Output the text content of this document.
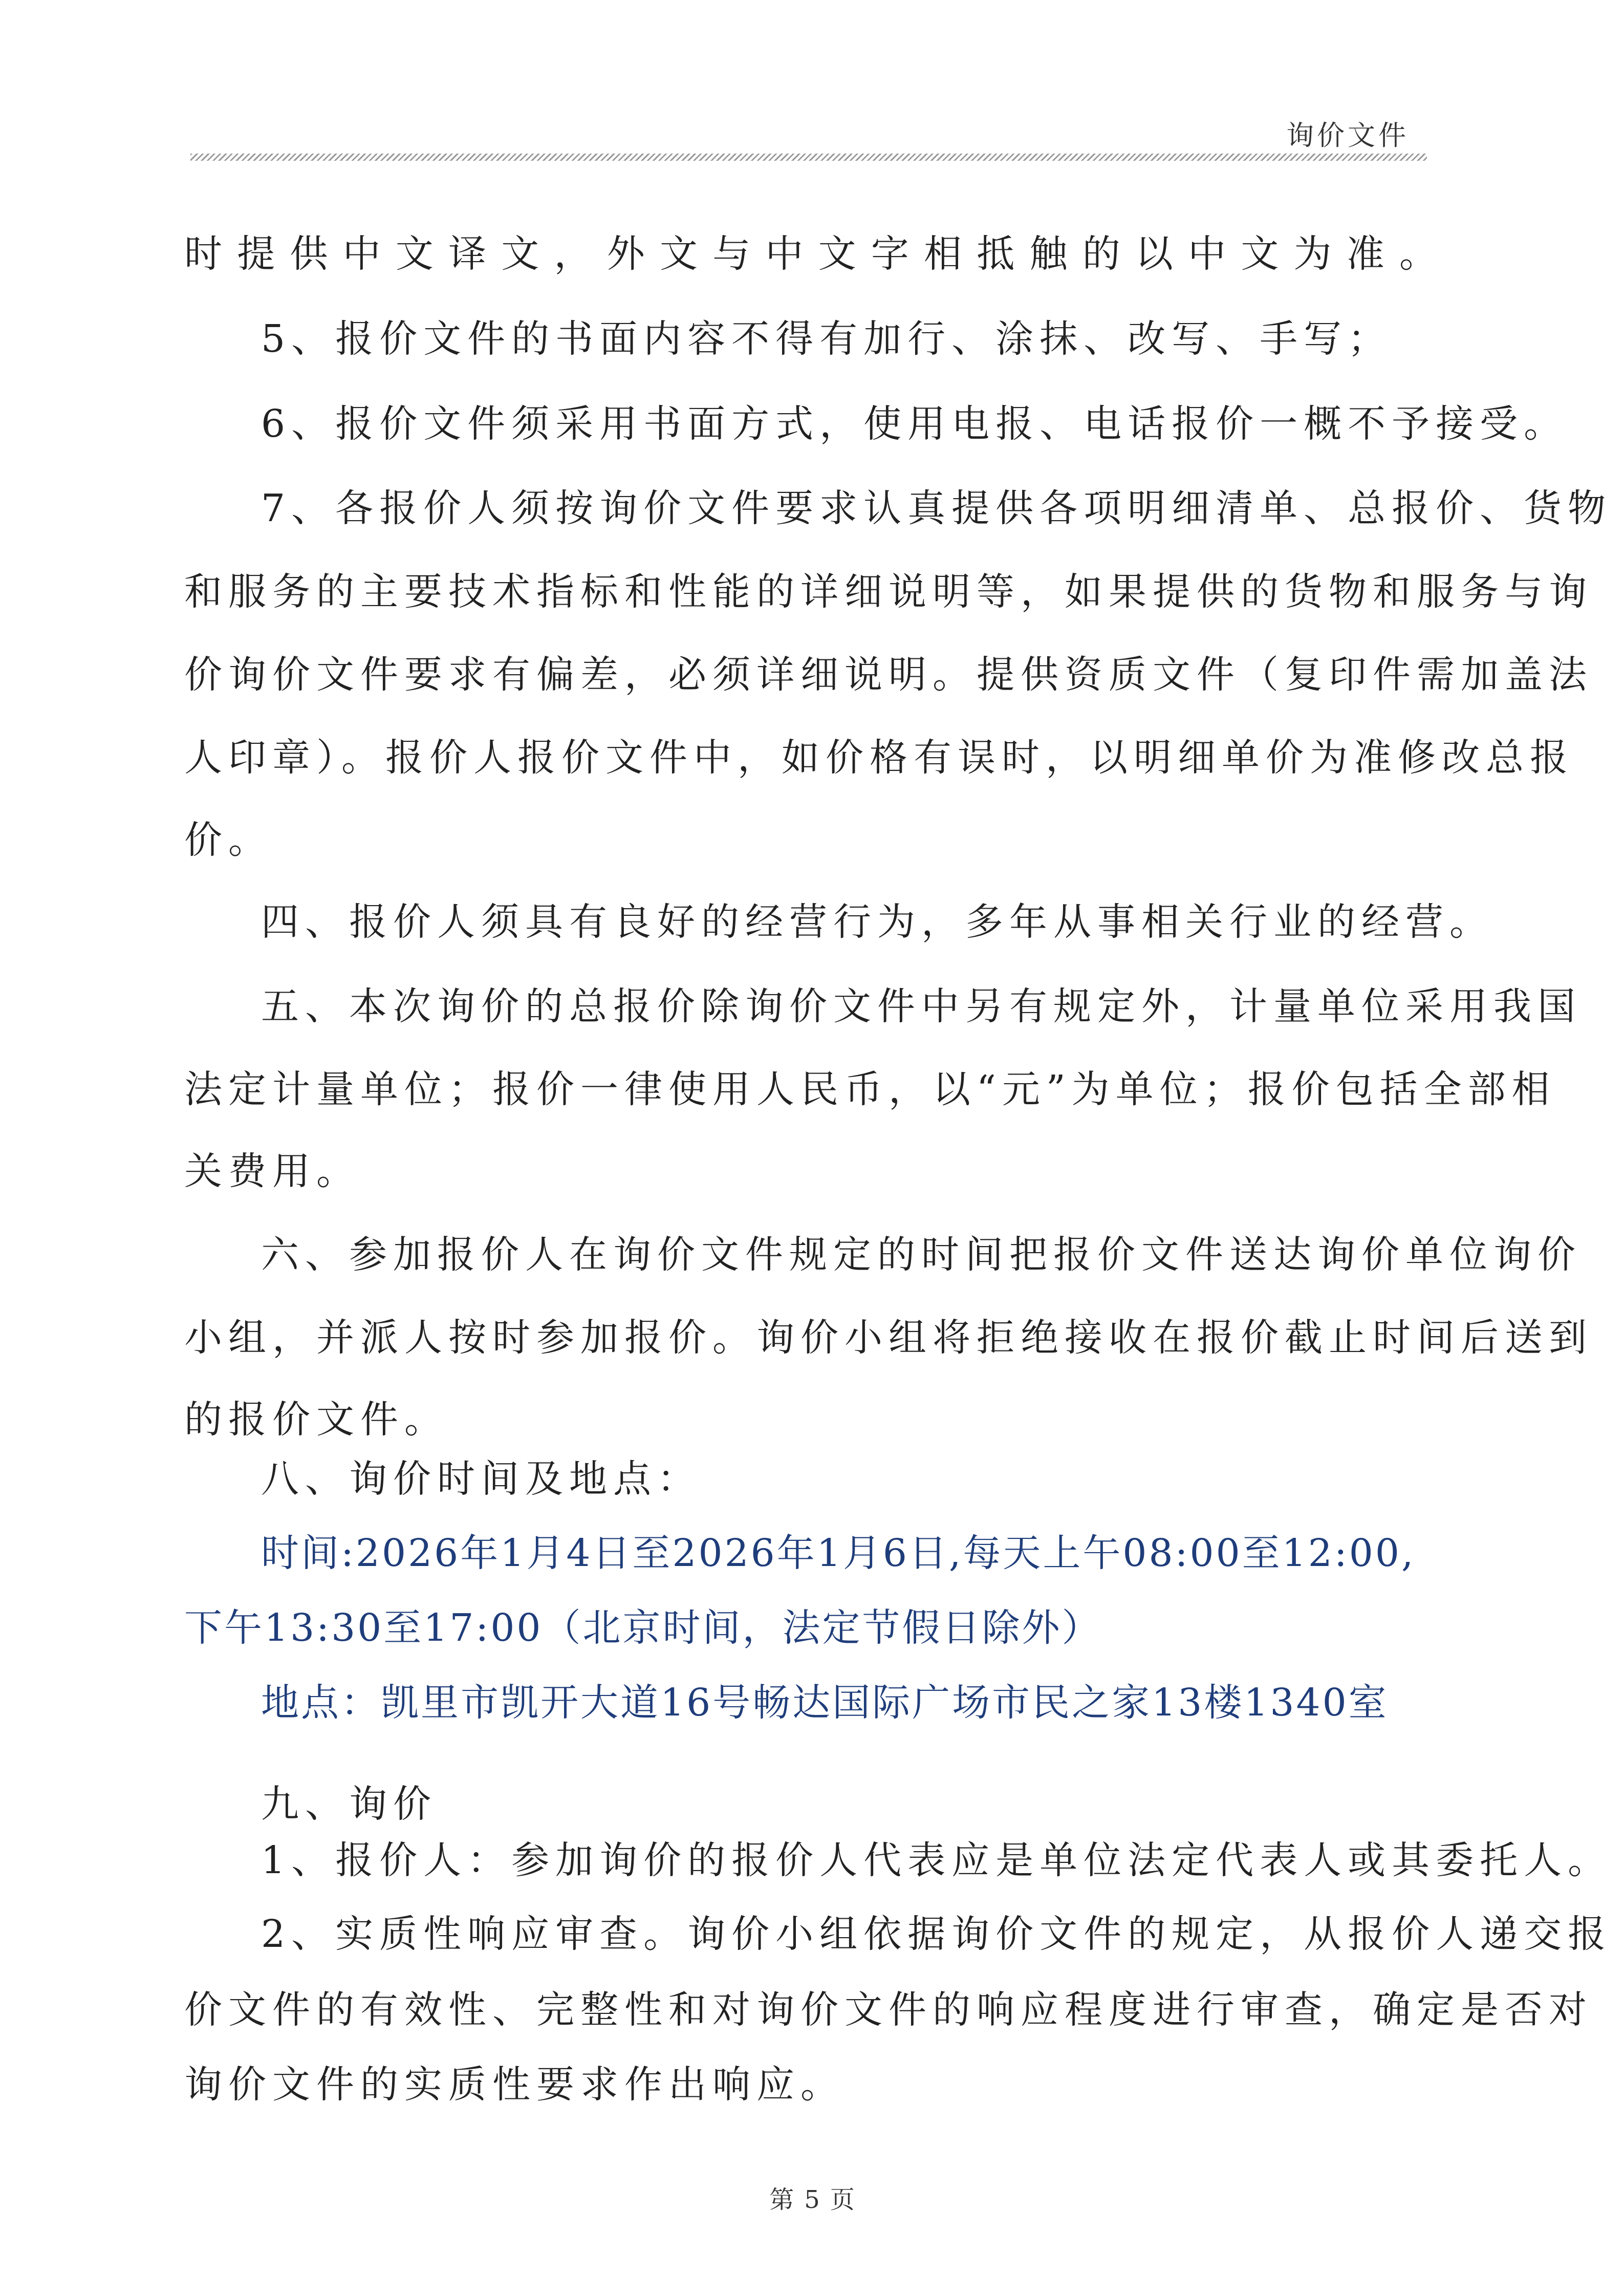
询价文件
时提供中文译文，外文与中文字相抵触的以中文为准。
5、报价文件的书面内容不得有加行、涂抹、改写、手写；
6、报价文件须采用书面方式，使用电报、电话报价一概不予接受。
7、各报价人须按询价文件要求认真提供各项明细清单、总报价、货物
和服务的主要技术指标和性能的详细说明等，如果提供的货物和服务与询
价询价文件要求有偏差，必须详细说明。提供资质文件（复印件需加盖法
人印章）。报价人报价文件中，如价格有误时，以明细单价为准修改总报
价。
四、报价人须具有良好的经营行为，多年从事相关行业的经营。
五、本次询价的总报价除询价文件中另有规定外，计量单位采用我国
法定计量单位；报价一律使用人民币，以“元”为单位；报价包括全部相
关费用。
六、参加报价人在询价文件规定的时间把报价文件送达询价单位询价
小组，并派人按时参加报价。询价小组将拒绝接收在报价截止时间后送到
的报价文件。
八、询价时间及地点：
时间:2026年1月4日至2026年1月6日,每天上午08:00至12:00,
下午13:30至17:00（北京时间，法定节假日除外）
地点：凯里市凯开大道16号畅达国际广场市民之家13楼1340室
九、询价
1、报价人：参加询价的报价人代表应是单位法定代表人或其委托人。
2、实质性响应审查。询价小组依据询价文件的规定，从报价人递交报
价文件的有效性、完整性和对询价文件的响应程度进行审查，确定是否对
询价文件的实质性要求作出响应。
第 5 页
